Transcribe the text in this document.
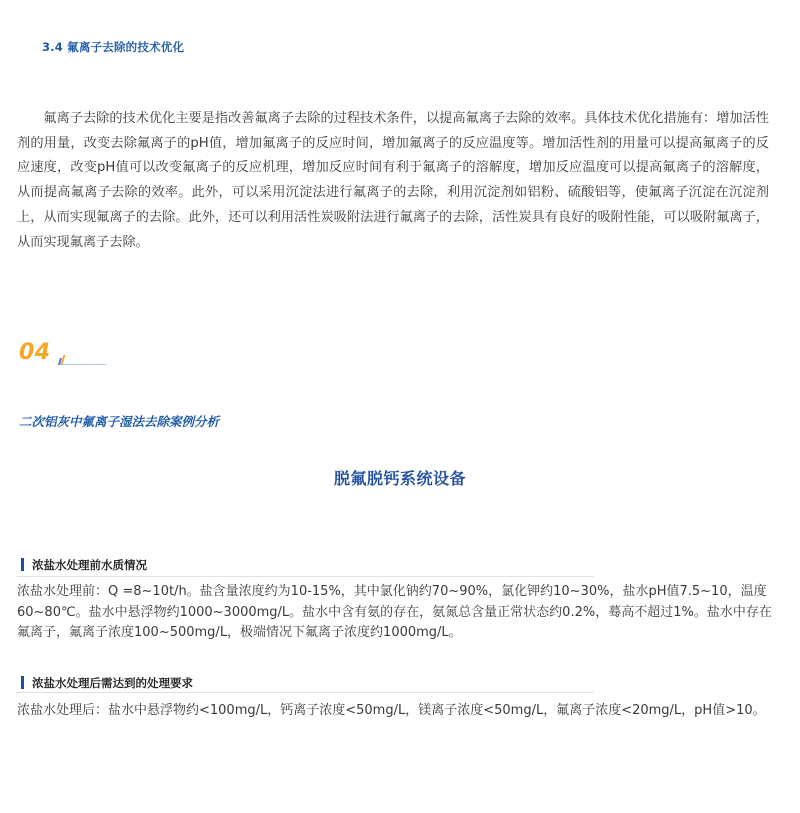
3.4 氟离子去除的技术优化

氟离子去除的技术优化主要是指改善氟离子去除的过程技术条件，以提高氟离子去除的效率。具体技术优化措施有：增加活性剂的用量，改变去除氟离子的pH值，增加氟离子的反应时间，增加氟离子的反应温度等。增加活性剂的用量可以提高氟离子的反应速度，改变pH值可以改变氟离子的反应机理，增加反应时间有利于氟离子的溶解度，增加反应温度可以提高氟离子的溶解度，从而提高氟离子去除的效率。此外，可以采用沉淀法进行氟离子的去除，利用沉淀剂如铝粉、硫酸铝等，使氟离子沉淀在沉淀剂上，从而实现氟离子的去除。此外，还可以利用活性炭吸附法进行氟离子的去除，活性炭具有良好的吸附性能，可以吸附氟离子，从而实现氟离子去除。

04
二次铝灰中氟离子湿法去除案例分析
脱氟脱钙系统设备
浓盐水处理前水质情况

浓盐水处理前：Q =8~10t/h。盐含量浓度约为10-15%，其中氯化钠约70~90%，氯化钾约10~30%，盐水pH值7.5~10，温度60~80℃。盐水中悬浮物约1000~3000mg/L。盐水中含有氨的存在，氨氮总含量正常状态约0.2%，蓦高不超过1%。盐水中存在氟离子，氟离子浓度100~500mg/L，极端情况下氟离子浓度约1000mg/L。

浓盐水处理后需达到的处理要求

浓盐水处理后：盐水中悬浮物约<100mg/L，钙离子浓度<50mg/L，镁离子浓度<50mg/L，氟离子浓度<20mg/L，pH值>10。
